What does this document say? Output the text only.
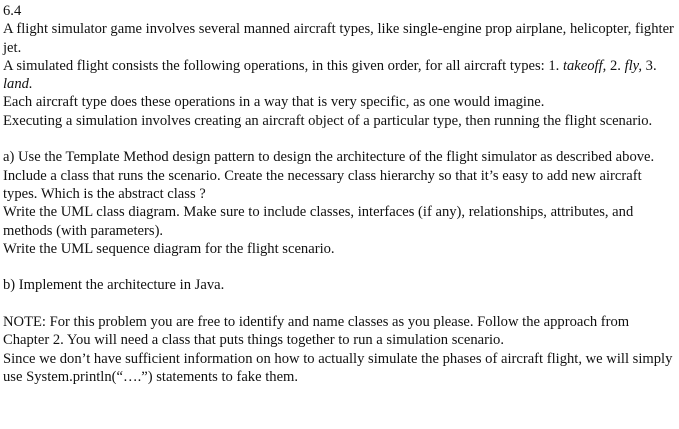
6.4

A flight simulator game involves several manned aircraft types, like single-engine prop airplane, helicopter, fighter jet.

A simulated flight consists the following operations, in this given order, for all aircraft types: 1. takeoff, 2. fly, 3. land.

Each aircraft type does these operations in a way that is very specific, as one would imagine.

Executing a simulation involves creating an aircraft object of a particular type, then running the flight scenario.

a) Use the Template Method design pattern to design the architecture of the flight simulator as described above. Include a class that runs the scenario. Create the necessary class hierarchy so that it’s easy to add new aircraft types. Which is the abstract class ?

Write the UML class diagram. Make sure to include classes, interfaces (if any), relationships, attributes, and methods (with parameters).

Write the UML sequence diagram for the flight scenario.

b) Implement the architecture in Java.

NOTE: For this problem you are free to identify and name classes as you please. Follow the approach from Chapter 2. You will need a class that puts things together to run a simulation scenario.

Since we don’t have sufficient information on how to actually simulate the phases of aircraft flight, we will simply use System.println(“….”) statements to fake them.
